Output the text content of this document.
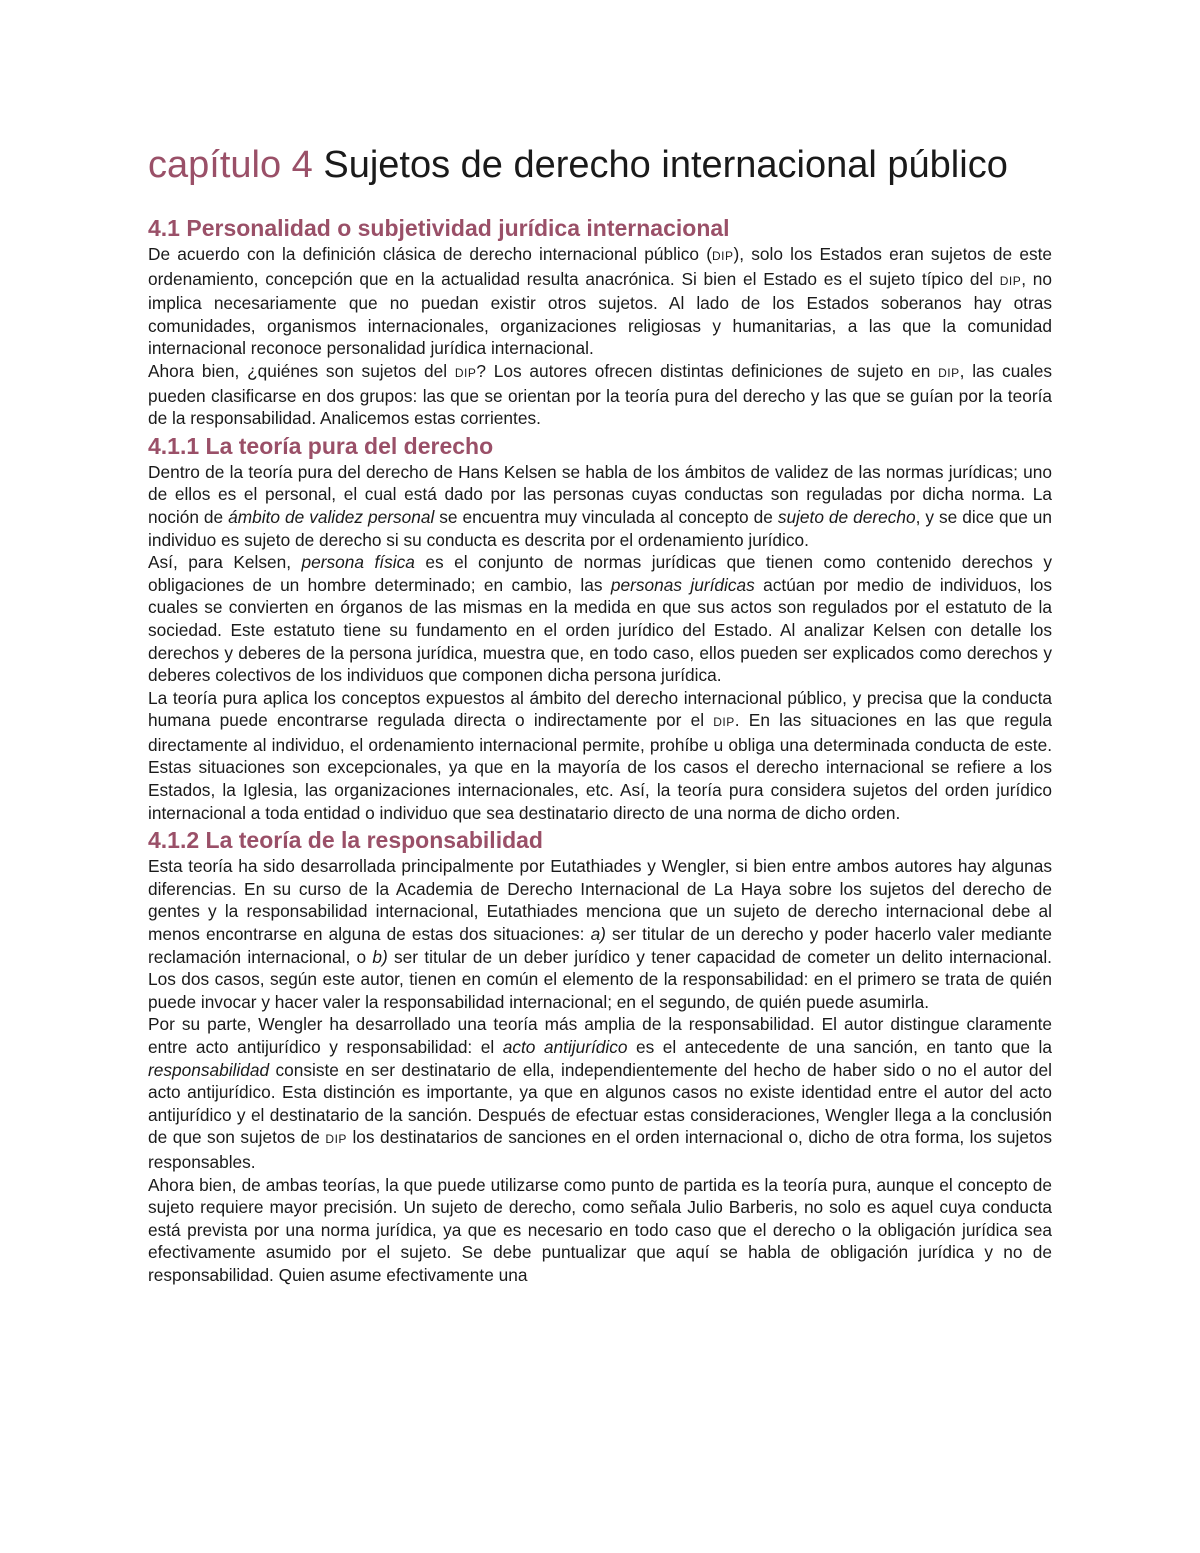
capítulo 4 Sujetos de derecho internacional público
4.1 Personalidad o subjetividad jurídica internacional

De acuerdo con la definición clásica de derecho internacional público (DIP), solo los Estados eran sujetos de este ordenamiento, concepción que en la actualidad resulta anacrónica. Si bien el Estado es el sujeto típico del DIP, no implica necesariamente que no puedan existir otros sujetos. Al lado de los Estados soberanos hay otras comunidades, organismos internacionales, organizaciones religiosas y humanitarias, a las que la comunidad internacional reconoce personalidad jurídica internacional.

Ahora bien, ¿quiénes son sujetos del DIP? Los autores ofrecen distintas definiciones de sujeto en DIP, las cuales pueden clasificarse en dos grupos: las que se orientan por la teoría pura del derecho y las que se guían por la teoría de la responsabilidad. Analicemos estas corrientes.

4.1.1 La teoría pura del derecho

Dentro de la teoría pura del derecho de Hans Kelsen se habla de los ámbitos de validez de las normas jurídicas; uno de ellos es el personal, el cual está dado por las personas cuyas conductas son reguladas por dicha norma. La noción de ámbito de validez personal se encuentra muy vinculada al concepto de sujeto de derecho, y se dice que un individuo es sujeto de derecho si su conducta es descrita por el ordenamiento jurídico.

Así, para Kelsen, persona física es el conjunto de normas jurídicas que tienen como contenido derechos y obligaciones de un hombre determinado; en cambio, las personas jurídicas actúan por medio de individuos, los cuales se convierten en órganos de las mismas en la medida en que sus actos son regulados por el estatuto de la sociedad. Este estatuto tiene su fundamento en el orden jurídico del Estado. Al analizar Kelsen con detalle los derechos y deberes de la persona jurídica, muestra que, en todo caso, ellos pueden ser explicados como derechos y deberes colectivos de los individuos que componen dicha persona jurídica.

La teoría pura aplica los conceptos expuestos al ámbito del derecho internacional público, y precisa que la conducta humana puede encontrarse regulada directa o indirectamente por el DIP. En las situaciones en las que regula directamente al individuo, el ordenamiento internacional permite, prohíbe u obliga una determinada conducta de este. Estas situaciones son excepcionales, ya que en la mayoría de los casos el derecho internacional se refiere a los Estados, la Iglesia, las organizaciones internacionales, etc. Así, la teoría pura considera sujetos del orden jurídico internacional a toda entidad o individuo que sea destinatario directo de una norma de dicho orden.

4.1.2 La teoría de la responsabilidad

Esta teoría ha sido desarrollada principalmente por Eutathiades y Wengler, si bien entre ambos autores hay algunas diferencias. En su curso de la Academia de Derecho Internacional de La Haya sobre los sujetos del derecho de gentes y la responsabilidad internacional, Eutathiades menciona que un sujeto de derecho internacional debe al menos encontrarse en alguna de estas dos situaciones: a) ser titular de un derecho y poder hacerlo valer mediante reclamación internacional, o b) ser titular de un deber jurídico y tener capacidad de cometer un delito internacional. Los dos casos, según este autor, tienen en común el elemento de la responsabilidad: en el primero se trata de quién puede invocar y hacer valer la responsabilidad internacional; en el segundo, de quién puede asumirla.

Por su parte, Wengler ha desarrollado una teoría más amplia de la responsabilidad. El autor distingue claramente entre acto antijurídico y responsabilidad: el acto antijurídico es el antecedente de una sanción, en tanto que la responsabilidad consiste en ser destinatario de ella, independientemente del hecho de haber sido o no el autor del acto antijurídico. Esta distinción es importante, ya que en algunos casos no existe identidad entre el autor del acto antijurídico y el destinatario de la sanción. Después de efectuar estas consideraciones, Wengler llega a la conclusión de que son sujetos de DIP los destinatarios de sanciones en el orden internacional o, dicho de otra forma, los sujetos responsables.

Ahora bien, de ambas teorías, la que puede utilizarse como punto de partida es la teoría pura, aunque el concepto de sujeto requiere mayor precisión. Un sujeto de derecho, como señala Julio Barberis, no solo es aquel cuya conducta está prevista por una norma jurídica, ya que es necesario en todo caso que el derecho o la obligación jurídica sea efectivamente asumido por el sujeto. Se debe puntualizar que aquí se habla de obligación jurídica y no de responsabilidad. Quien asume efectivamente una
